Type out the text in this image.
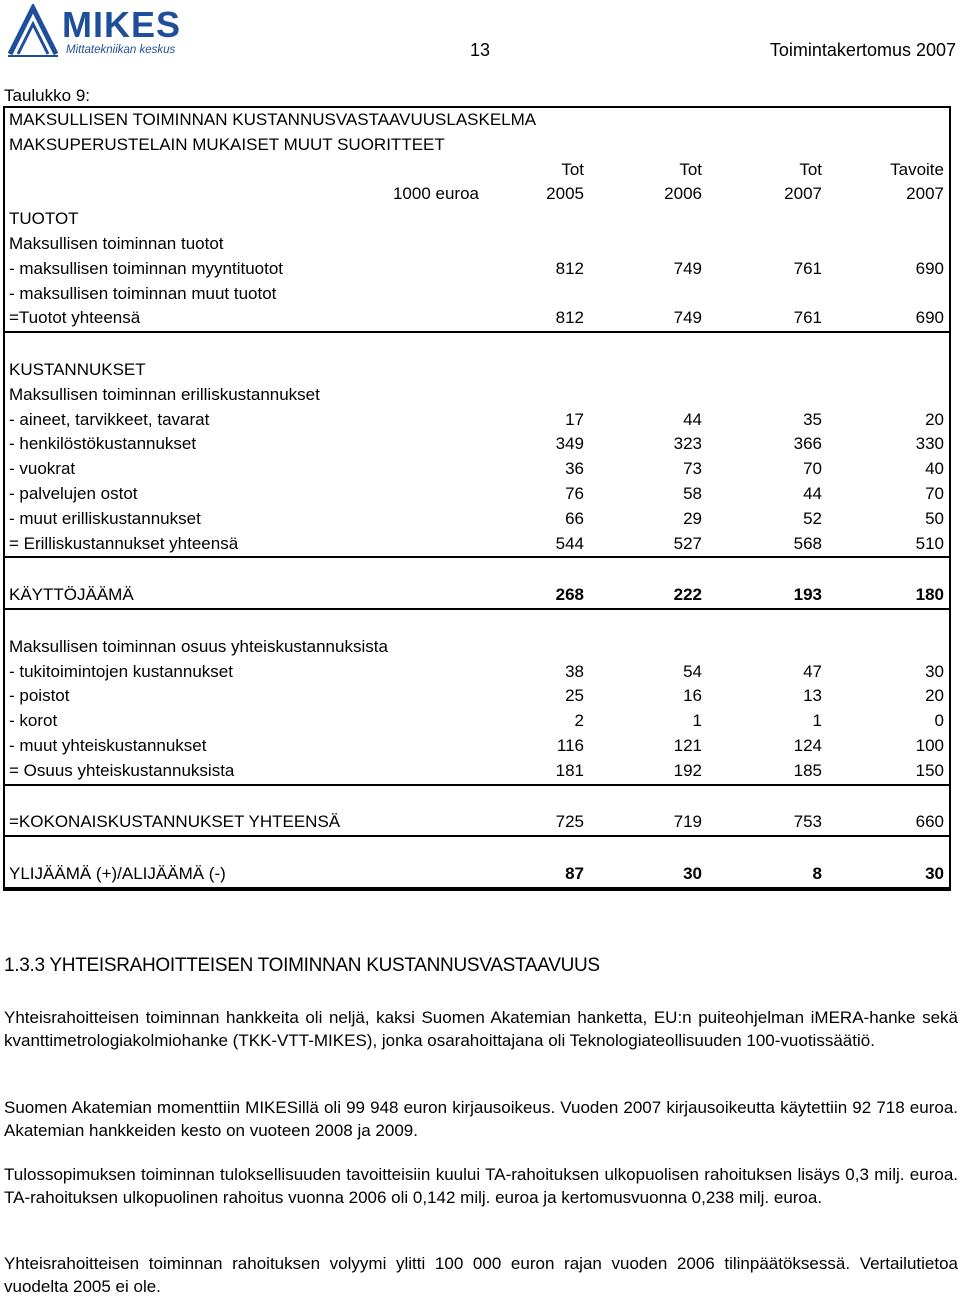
MIKES
Mittatekniikan keskus	13	Toimintakertomus 2007
Taulukko 9:
MAKSULLISEN TOIMINNAN KUSTANNUSVASTAAVUUSLASKELMA
MAKSUPERUSTELAIN MUKAISET MUUT SUORITTEET
Tot	Tot	Tot	Tavoite
1000 euroa	2005	2006	2007	2007
TUOTOT
Maksullisen toiminnan tuotot
- maksullisen toiminnan myyntituotot	812	749	761	690
- maksullisen toiminnan muut tuotot
=Tuotot yhteensä	812	749	761	690
KUSTANNUKSET
Maksullisen toiminnan erilliskustannukset
- aineet, tarvikkeet, tavarat	17	44	35	20
- henkilöstökustannukset	349	323	366	330
- vuokrat	36	73	70	40
- palvelujen ostot	76	58	44	70
- muut erilliskustannukset	66	29	52	50
= Erilliskustannukset yhteensä	544	527	568	510
KÄYTTÖJÄÄMÄ	268	222	193	180
Maksullisen toiminnan osuus yhteiskustannuksista
- tukitoimintojen kustannukset	38	54	47	30
- poistot	25	16	13	20
- korot	2	1	1	0
- muut yhteiskustannukset	116	121	124	100
= Osuus yhteiskustannuksista	181	192	185	150
=KOKONAISKUSTANNUKSET YHTEENSÄ	725	719	753	660
YLIJÄÄMÄ (+)/ALIJÄÄMÄ (-)	87	30	8	30
1.3.3 YHTEISRAHOITTEISEN TOIMINNAN KUSTANNUSVASTAAVUUS
Yhteisrahoitteisen toiminnan hankkeita oli neljä, kaksi Suomen Akatemian hanketta, EU:n puiteohjelman iMERA-hanke sekä kvanttimetrologiakolmiohanke (TKK-VTT-MIKES), jonka osarahoittajana oli Teknologiateollisuuden 100-vuotissäätiö.
Suomen Akatemian momenttiin MIKESillä oli 99 948 euron kirjausoikeus. Vuoden 2007 kirjausoikeutta käytettiin 92 718 euroa. Akatemian hankkeiden kesto on vuoteen 2008 ja 2009.
Tulossopimuksen toiminnan tuloksellisuuden tavoitteisiin kuului TA-rahoituksen ulkopuolisen rahoituksen lisäys 0,3 milj. euroa. TA-rahoituksen ulkopuolinen rahoitus vuonna 2006 oli 0,142 milj. euroa ja kertomusvuonna 0,238 milj. euroa.
Yhteisrahoitteisen toiminnan rahoituksen volyymi ylitti 100 000 euron rajan vuoden 2006 tilinpäätöksessä. Vertailutietoa vuodelta 2005 ei ole.
